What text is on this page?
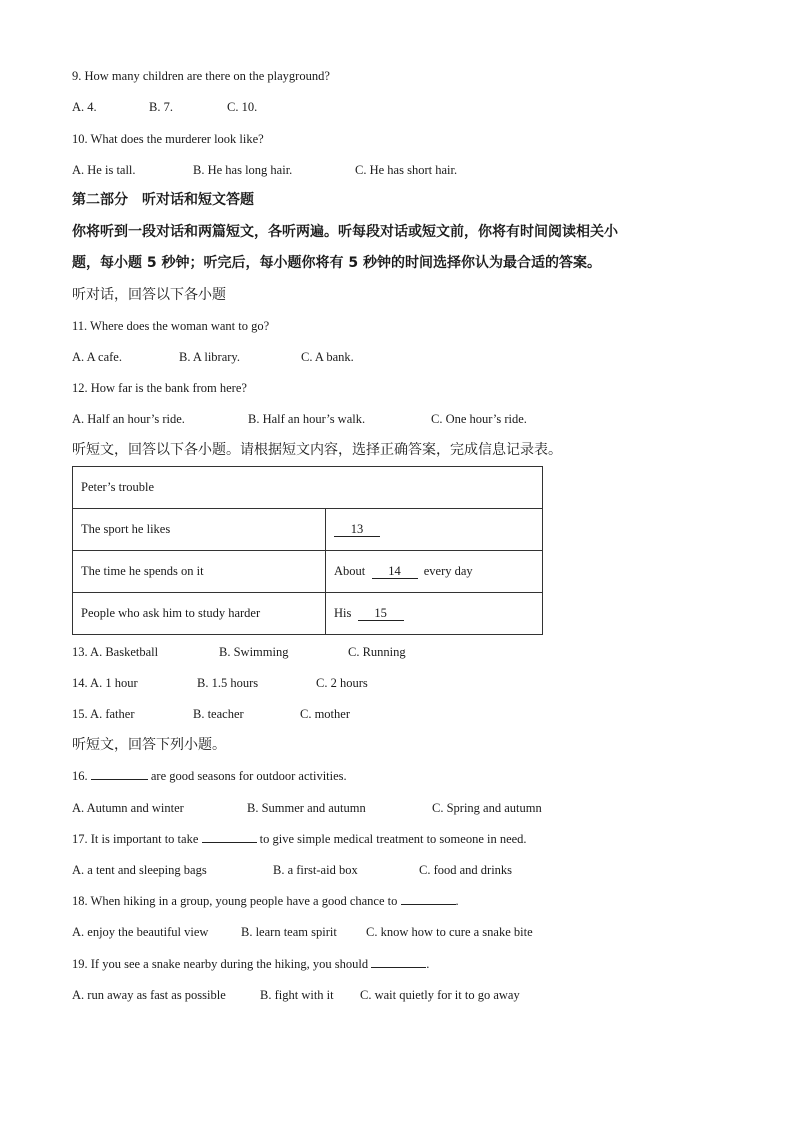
9. How many children are there on the playground?
A. 4.	B. 7.	C. 10.
10. What does the murderer look like?
A. He is tall.	B. He has long hair.	C. He has short hair.
第二部分　听对话和短文答题
你将听到一段对话和两篇短文，各听两遍。听每段对话或短文前，你将有时间阅读相关小
题，每小题 5 秒钟；听完后，每小题你将有 5 秒钟的时间选择你认为最合适的答案。
听对话，回答以下各小题
11. Where does the woman want to go?
A. A cafe.	B. A library.	C. A bank.
12. How far is the bank from here?
A. Half an hour’s ride.	B. Half an hour’s walk.	C. One hour’s ride.
听短文，回答以下各小题。请根据短文内容，选择正确答案，完成信息记录表。
Peter’s trouble	
The sport he likes	13
The time he spends on it	About 14 every day
People who ask him to study harder	His 15
13. A. Basketball	B. Swimming	C. Running
14. A. 1 hour	B. 1.5 hours	C. 2 hours
15. A. father	B. teacher	C. mother
听短文，回答下列小题。
16.	are good seasons for outdoor activities.
A. Autumn and winter	B. Summer and autumn	C. Spring and autumn
17. It is important to take	to give simple medical treatment to someone in need.
A. a tent and sleeping bags	B. a first-aid box	C. food and drinks
18. When hiking in a group, young people have a good chance to	.
A. enjoy the beautiful view	B. learn team spirit C. know how to cure a snake bite
19. If you see a snake nearby during the hiking, you should	.
A. run away as fast as possible	B. fight with it C. wait quietly for it to go away
